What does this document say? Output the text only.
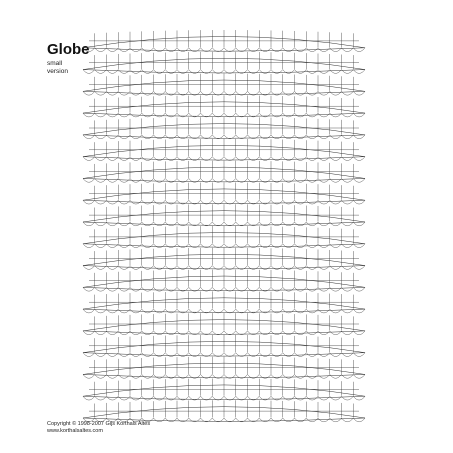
Globe
small
version
Copyright © 1998-2007 Gijs Korthals Altes
www.korthalsaltes.com
